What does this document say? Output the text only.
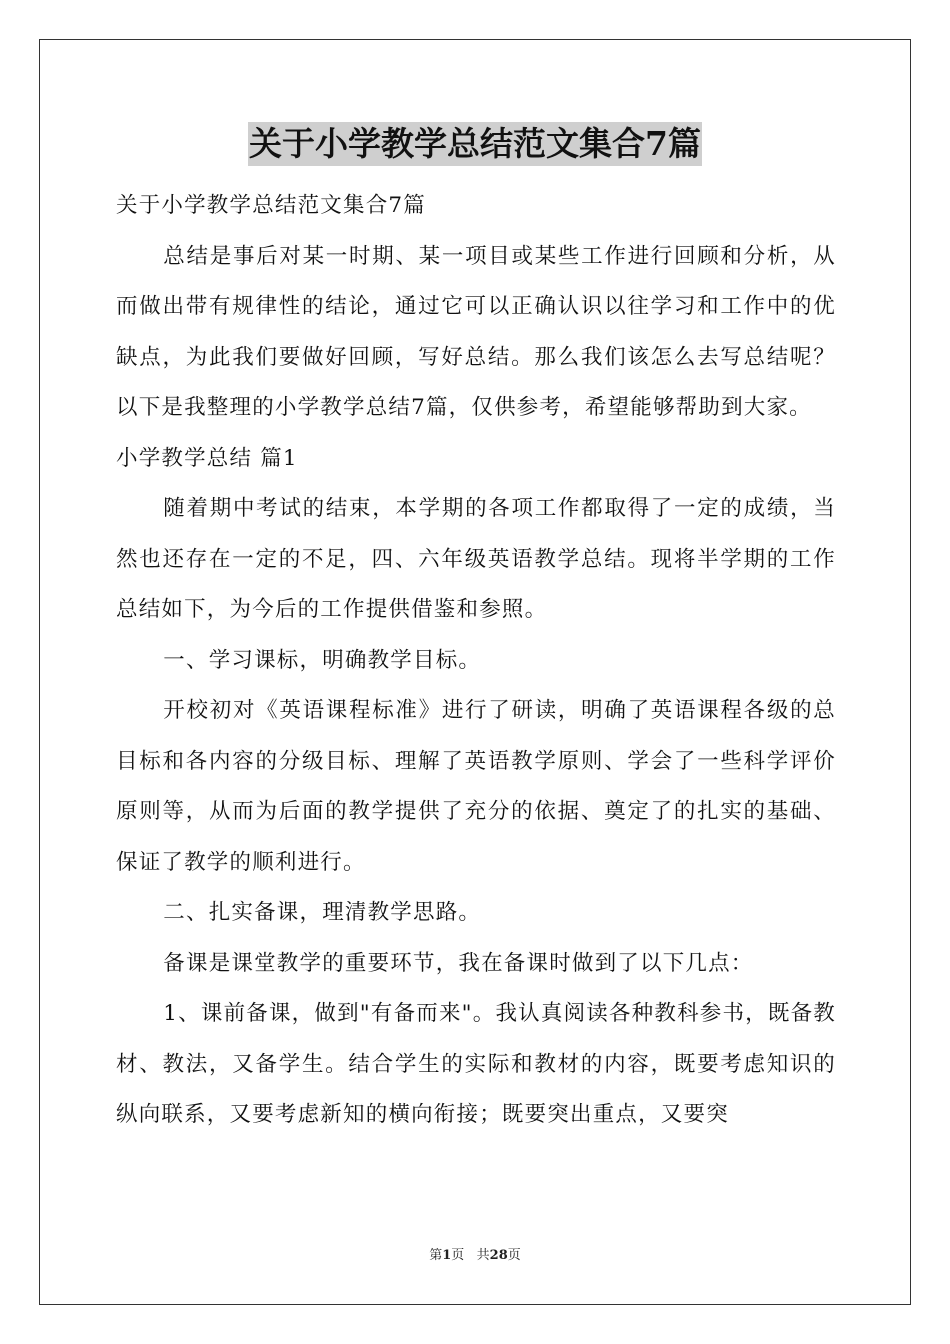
关于小学教学总结范文集合7篇

关于小学教学总结范文集合7篇

总结是事后对某一时期、某一项目或某些工作进行回顾和分析，从而做出带有规律性的结论，通过它可以正确认识以往学习和工作中的优缺点，为此我们要做好回顾，写好总结。那么我们该怎么去写总结呢？以下是我整理的小学教学总结7篇，仅供参考，希望能够帮助到大家。

小学教学总结 篇1

随着期中考试的结束，本学期的各项工作都取得了一定的成绩，当然也还存在一定的不足，四、六年级英语教学总结。现将半学期的工作总结如下，为今后的工作提供借鉴和参照。

一、学习课标，明确教学目标。

开校初对《英语课程标准》进行了研读，明确了英语课程各级的总目标和各内容的分级目标、理解了英语教学原则、学会了一些科学评价原则等，从而为后面的教学提供了充分的依据、奠定了的扎实的基础、保证了教学的顺利进行。

二、扎实备课，理清教学思路。

备课是课堂教学的重要环节，我在备课时做到了以下几点：

1、课前备课，做到"有备而来"。我认真阅读各种教科参书，既备教材、教法，又备学生。结合学生的实际和教材的内容，既要考虑知识的纵向联系，又要考虑新知的横向衔接；既要突出重点，又要突

第1页   共28页
